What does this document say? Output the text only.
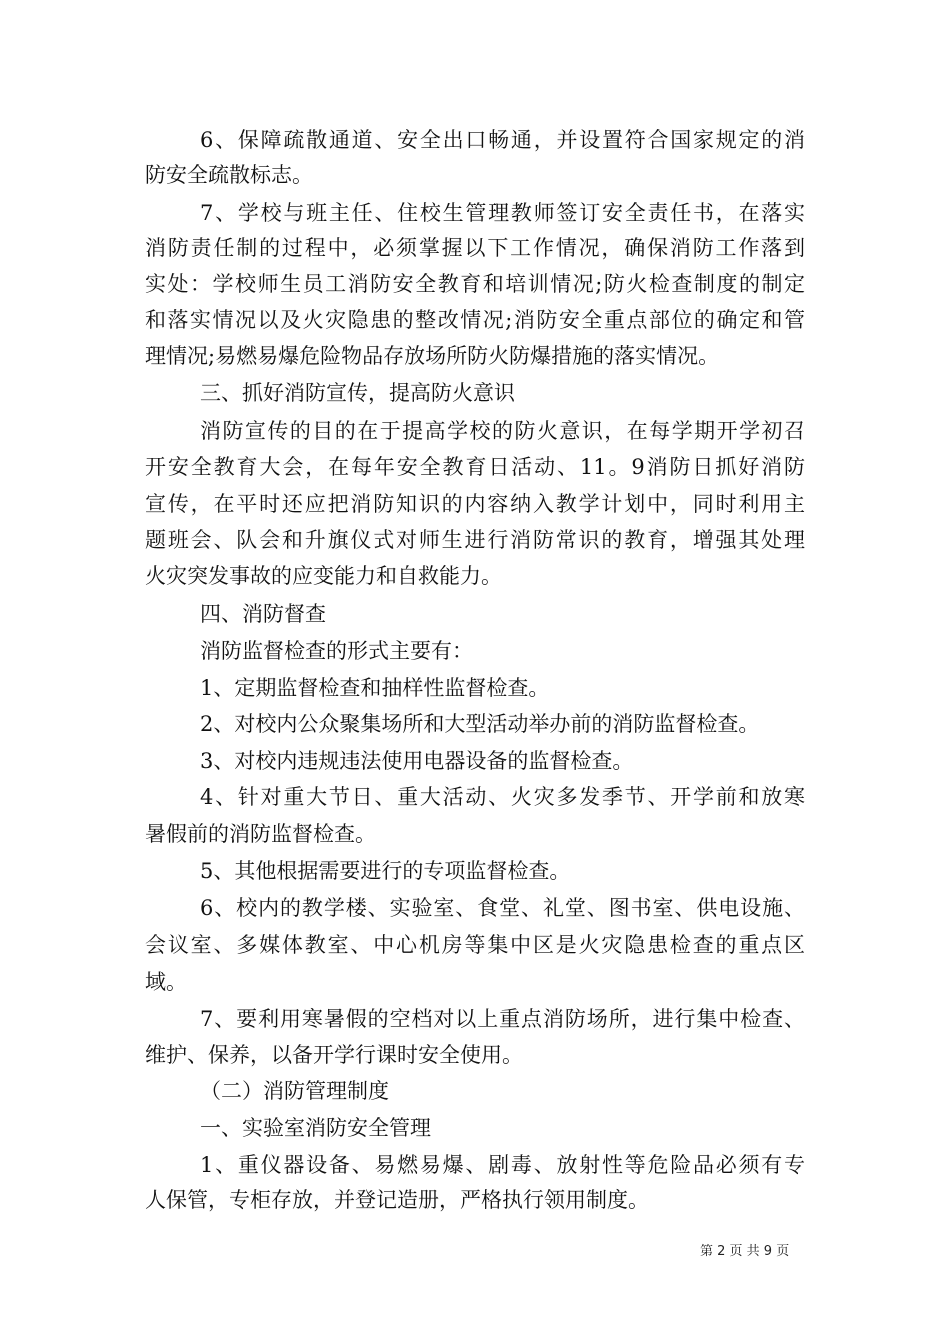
6、保障疏散通道、安全出口畅通，并设置符合国家规定的消
防安全疏散标志。
7、学校与班主任、住校生管理教师签订安全责任书，在落实
消防责任制的过程中，必须掌握以下工作情况，确保消防工作落到
实处：学校师生员工消防安全教育和培训情况;防火检查制度的制定
和落实情况以及火灾隐患的整改情况;消防安全重点部位的确定和管
理情况;易燃易爆危险物品存放场所防火防爆措施的落实情况。
三、抓好消防宣传，提高防火意识
消防宣传的目的在于提高学校的防火意识，在每学期开学初召
开安全教育大会，在每年安全教育日活动、11。9消防日抓好消防
宣传，在平时还应把消防知识的内容纳入教学计划中，同时利用主
题班会、队会和升旗仪式对师生进行消防常识的教育，增强其处理
火灾突发事故的应变能力和自救能力。
四、消防督查
消防监督检查的形式主要有：
1、定期监督检查和抽样性监督检查。
2、对校内公众聚集场所和大型活动举办前的消防监督检查。
3、对校内违规违法使用电器设备的监督检查。
4、针对重大节日、重大活动、火灾多发季节、开学前和放寒
暑假前的消防监督检查。
5、其他根据需要进行的专项监督检查。
6、校内的教学楼、实验室、食堂、礼堂、图书室、供电设施、
会议室、多媒体教室、中心机房等集中区是火灾隐患检查的重点区
域。
7、要利用寒暑假的空档对以上重点消防场所，进行集中检查、
维护、保养，以备开学行课时安全使用。
（二）消防管理制度
一、实验室消防安全管理
1、重仪器设备、易燃易爆、剧毒、放射性等危险品必须有专
人保管，专柜存放，并登记造册，严格执行领用制度。
第 2 页 共 9 页
